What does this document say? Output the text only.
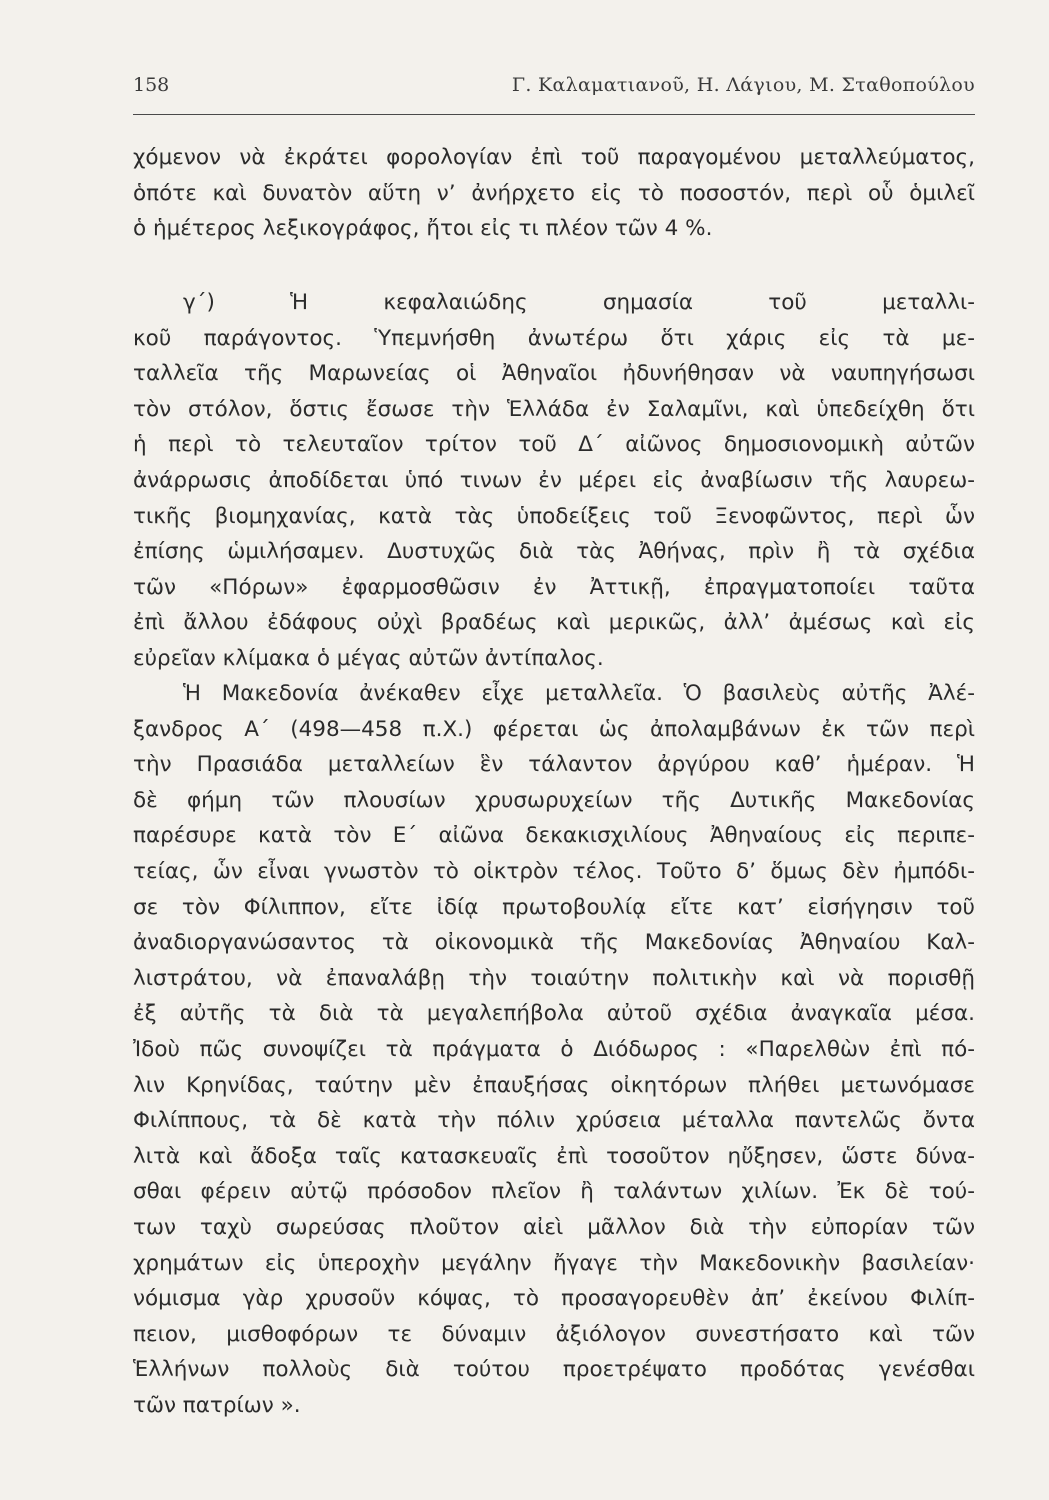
158	Γ. Καλαματιανοῦ, Η. Λάγιου, Μ. Σταθοπούλου
χόμενον νὰ ἐκράτει φορολογίαν ἐπὶ τοῦ παραγομένου μεταλλεύματος,
ὁπότε καὶ δυνατὸν αὕτη ν’ ἀνήρχετο εἰς τὸ ποσοστόν, περὶ οὗ ὁμιλεῖ
ὁ ἡμέτερος λεξικογράφος, ἤτοι εἰς τι πλέον τῶν 4 %.
γ΄) Ἡ κεφαλαιώδης σημασία τοῦ μεταλλι-
κοῦ παράγοντος. Ὑπεμνήσθη ἀνωτέρω ὅτι χάρις εἰς τὰ με-
ταλλεῖα τῆς Μαρωνείας οἱ Ἀθηναῖοι ἠδυνήθησαν νὰ ναυπηγήσωσι
τὸν στόλον, ὅστις ἔσωσε τὴν Ἑλλάδα ἐν Σαλαμῖνι, καὶ ὑπεδείχθη ὅτι
ἡ περὶ τὸ τελευταῖον τρίτον τοῦ Δ΄ αἰῶνος δημοσιονομικὴ αὐτῶν
ἀνάρρωσις ἀποδίδεται ὑπό τινων ἐν μέρει εἰς ἀναβίωσιν τῆς λαυρεω-
τικῆς βιομηχανίας, κατὰ τὰς ὑποδείξεις τοῦ Ξενοφῶντος, περὶ ὧν
ἐπίσης ὡμιλήσαμεν. Δυστυχῶς διὰ τὰς Ἀθήνας, πρὶν ἢ τὰ σχέδια
τῶν «Πόρων» ἐφαρμοσθῶσιν ἐν Ἀττικῇ, ἐπραγματοποίει ταῦτα
ἐπὶ ἄλλου ἐδάφους οὐχὶ βραδέως καὶ μερικῶς, ἀλλ’ ἀμέσως καὶ εἰς
εὐρεῖαν κλίμακα ὁ μέγας αὐτῶν ἀντίπαλος.
Ἡ Μακεδονία ἀνέκαθεν εἶχε μεταλλεῖα. Ὁ βασιλεὺς αὐτῆς Ἀλέ-
ξανδρος Α΄ (498—458 π.Χ.) φέρεται ὡς ἀπολαμβάνων ἐκ τῶν περὶ
τὴν Πρασιάδα μεταλλείων ἓν τάλαντον ἀργύρου καθ’ ἡμέραν. Ἡ
δὲ φήμη τῶν πλουσίων χρυσωρυχείων τῆς Δυτικῆς Μακεδονίας
παρέσυρε κατὰ τὸν Ε΄ αἰῶνα δεκακισχιλίους Ἀθηναίους εἰς περιπε-
τείας, ὧν εἶναι γνωστὸν τὸ οἰκτρὸν τέλος. Τοῦτο δ’ ὅμως δὲν ἠμπόδι-
σε τὸν Φίλιππον, εἴτε ἰδίᾳ πρωτοβουλίᾳ εἴτε κατ’ εἰσήγησιν τοῦ
ἀναδιοργανώσαντος τὰ οἰκονομικὰ τῆς Μακεδονίας Ἀθηναίου Καλ-
λιστράτου, νὰ ἐπαναλάβῃ τὴν τοιαύτην πολιτικὴν καὶ νὰ πορισθῇ
ἐξ αὐτῆς τὰ διὰ τὰ μεγαλεπήβολα αὐτοῦ σχέδια ἀναγκαῖα μέσα.
Ἰδοὺ πῶς συνοψίζει τὰ πράγματα ὁ Διόδωρος : «Παρελθὼν ἐπὶ πό-
λιν Κρηνίδας, ταύτην μὲν ἐπαυξήσας οἰκητόρων πλήθει μετωνόμασε
Φιλίππους, τὰ δὲ κατὰ τὴν πόλιν χρύσεια μέταλλα παντελῶς ὄντα
λιτὰ καὶ ἄδοξα ταῖς κατασκευαῖς ἐπὶ τοσοῦτον ηὔξησεν, ὥστε δύνα-
σθαι φέρειν αὐτῷ πρόσοδον πλεῖον ἢ ταλάντων χιλίων. Ἐκ δὲ τού-
των ταχὺ σωρεύσας πλοῦτον αἰεὶ μᾶλλον διὰ τὴν εὐπορίαν τῶν
χρημάτων εἰς ὑπεροχὴν μεγάλην ἤγαγε τὴν Μακεδονικὴν βασιλείαν·
νόμισμα γὰρ χρυσοῦν κόψας, τὸ προσαγορευθὲν ἀπ’ ἐκείνου Φιλίπ-
πειον, μισθοφόρων τε δύναμιν ἀξιόλογον συνεστήσατο καὶ τῶν
Ἑλλήνων πολλοὺς διὰ τούτου προετρέψατο προδότας γενέσθαι
τῶν πατρίων ».
